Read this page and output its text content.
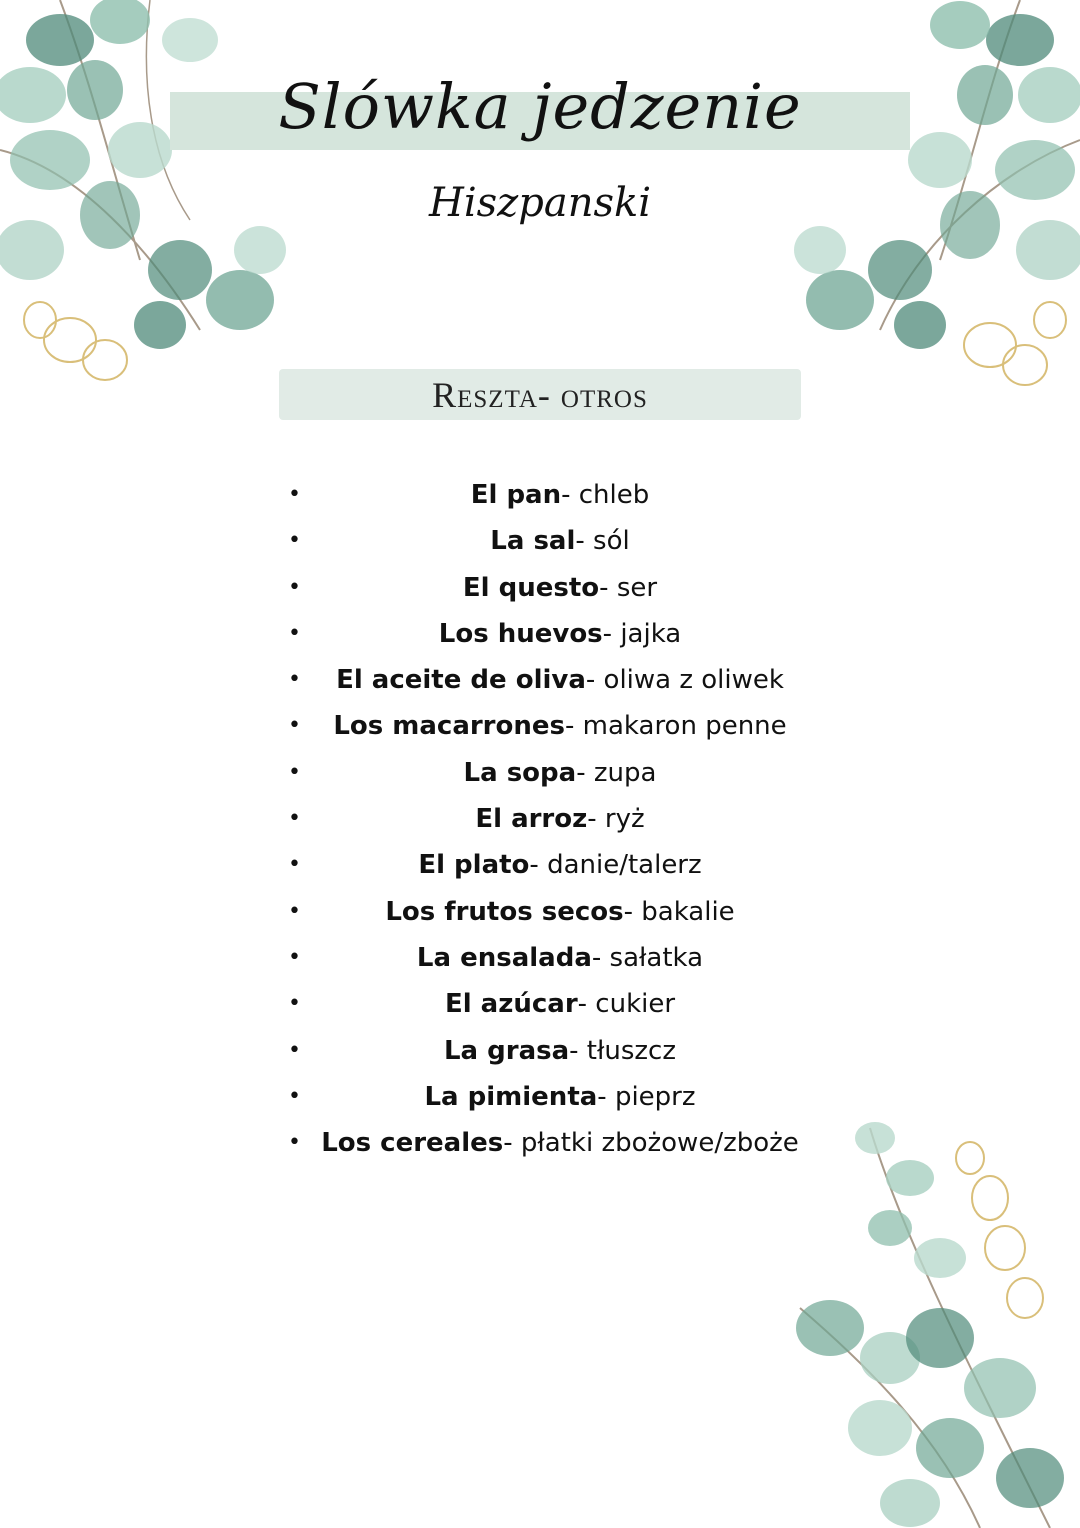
Slówka jedzenie
Hiszpanski
Reszta- otros
•	El pan- chleb
•	La sal- sól
•	El questo- ser
•	Los huevos- jajka
• El aceite de oliva- oliwa z oliwek
• Los macarrones- makaron penne
•	La sopa- zupa
•	El arroz- ryż
•	El plato- danie/talerz
•	Los frutos secos- bakalie
•	La ensalada- sałatka
•	El azúcar- cukier
•	La grasa- tłuszcz
•	La pimienta- pieprz
• Los cereales- płatki zbożowe/zboże
